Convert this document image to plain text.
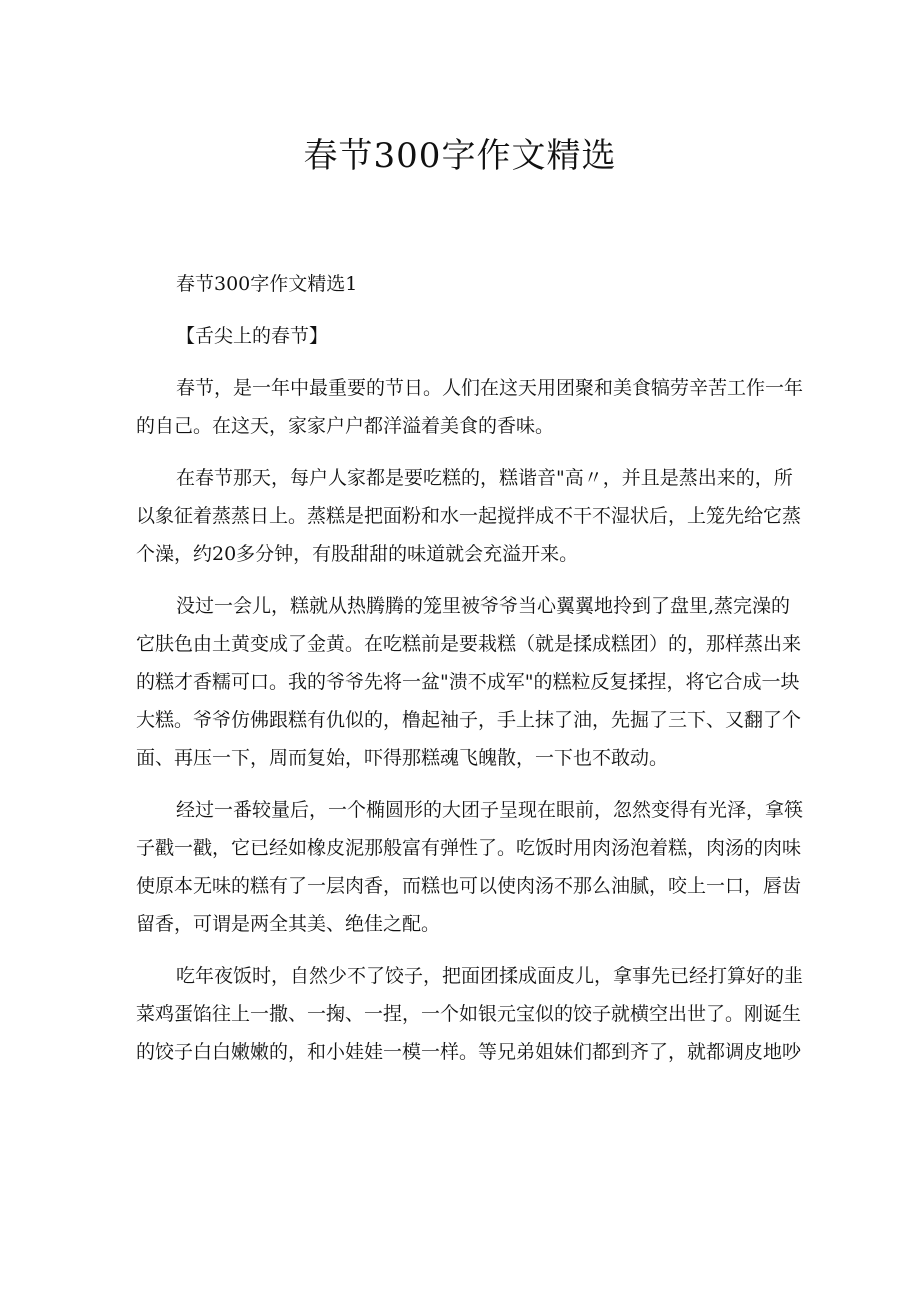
春节300字作文精选
春节300字作文精选1
【舌尖上的春节】
春节，是一年中最重要的节日。人们在这天用团聚和美食犒劳辛苦工作一年
的自己。在这天，家家户户都洋溢着美食的香味。
在春节那天，每户人家都是要吃糕的，糕谐音"高〃，并且是蒸出来的，所
以象征着蒸蒸日上。蒸糕是把面粉和水一起搅拌成不干不湿状后，上笼先给它蒸
个澡，约20多分钟，有股甜甜的味道就会充溢开来。
没过一会儿，糕就从热腾腾的笼里被爷爷当心翼翼地拎到了盘里,蒸完澡的
它肤色由土黄变成了金黄。在吃糕前是要栽糕（就是揉成糕团）的，那样蒸出来
的糕才香糯可口。我的爷爷先将一盆"溃不成军"的糕粒反复揉捏，将它合成一块
大糕。爷爷仿佛跟糕有仇似的，橹起袖子，手上抹了油，先掘了三下、又翻了个
面、再压一下，周而复始，吓得那糕魂飞魄散，一下也不敢动。
经过一番较量后，一个椭圆形的大团子呈现在眼前，忽然变得有光泽，拿筷
子戳一戳，它已经如橡皮泥那般富有弹性了。吃饭时用肉汤泡着糕，肉汤的肉味
使原本无味的糕有了一层肉香，而糕也可以使肉汤不那么油腻，咬上一口，唇齿
留香，可谓是两全其美、绝佳之配。
吃年夜饭时，自然少不了饺子，把面团揉成面皮儿，拿事先已经打算好的韭
菜鸡蛋馅往上一撒、一掬、一捏，一个如银元宝似的饺子就横空出世了。刚诞生
的饺子白白嫩嫩的，和小娃娃一模一样。等兄弟姐妹们都到齐了，就都调皮地吵
